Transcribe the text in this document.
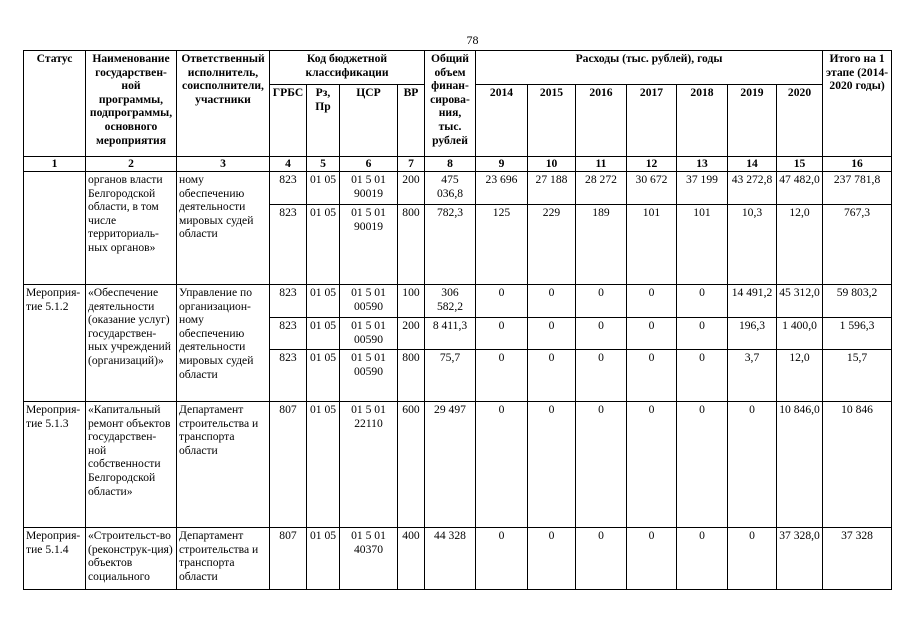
78
Статус	Наименование государствен-ной программы, подпрограммы, основного мероприятия	Ответственный исполнитель, соисполнители, участники	Код бюджетной классификации				Общий объем финан-сирова-ния, тыс. рублей	Расходы (тыс. рублей), годы							Итого на 1 этапе (2014-2020 годы)

			ГРБС	Рз, Пр	ЦСР	ВР		2014	2015	2016	2017	2018	2019	2020	
1	2	3	4	5	6	7	8	9	10	11	12	13	14	15	16
	органов власти Белгородской области, в том числе территориаль-ных органов»	ному обеспечению деятельности мировых судей области	823	01 05	01 5 01 90019	200	475 036,8	23 696	27 188	28 272	30 672	37 199	43 272,8	47 482,0	237 781,8
			823	01 05	01 5 01 90019	800	782,3	125	229	189	101	101	10,3	12,0	767,3
Мероприя-тие 5.1.2	«Обеспечение деятельности (оказание услуг) государствен-ных учреждений (организаций)»	Управление по организацион-ному обеспечению деятельности мировых судей области	823	01 05	01 5 01 00590	100	306 582,2	0	0	0	0	0	14 491,2	45 312,0	59 803,2
			823	01 05	01 5 01 00590	200	8 411,3	0	0	0	0	0	196,3	1 400,0	1 596,3
			823	01 05	01 5 01 00590	800	75,7	0	0	0	0	0	3,7	12,0	15,7
Мероприя-тие 5.1.3	«Капитальный ремонт объектов государствен-ной собственности Белгородской области»	Департамент строительства и транспорта области	807	01 05	01 5 01 22110	600	29 497	0	0	0	0	0	0	10 846,0	10 846
Мероприя-тие 5.1.4	«Строительст-во (реконструк-ция) объектов социального	Департамент строительства и транспорта области	807	01 05	01 5 01 40370	400	44 328	0	0	0	0	0	0	37 328,0	37 328
